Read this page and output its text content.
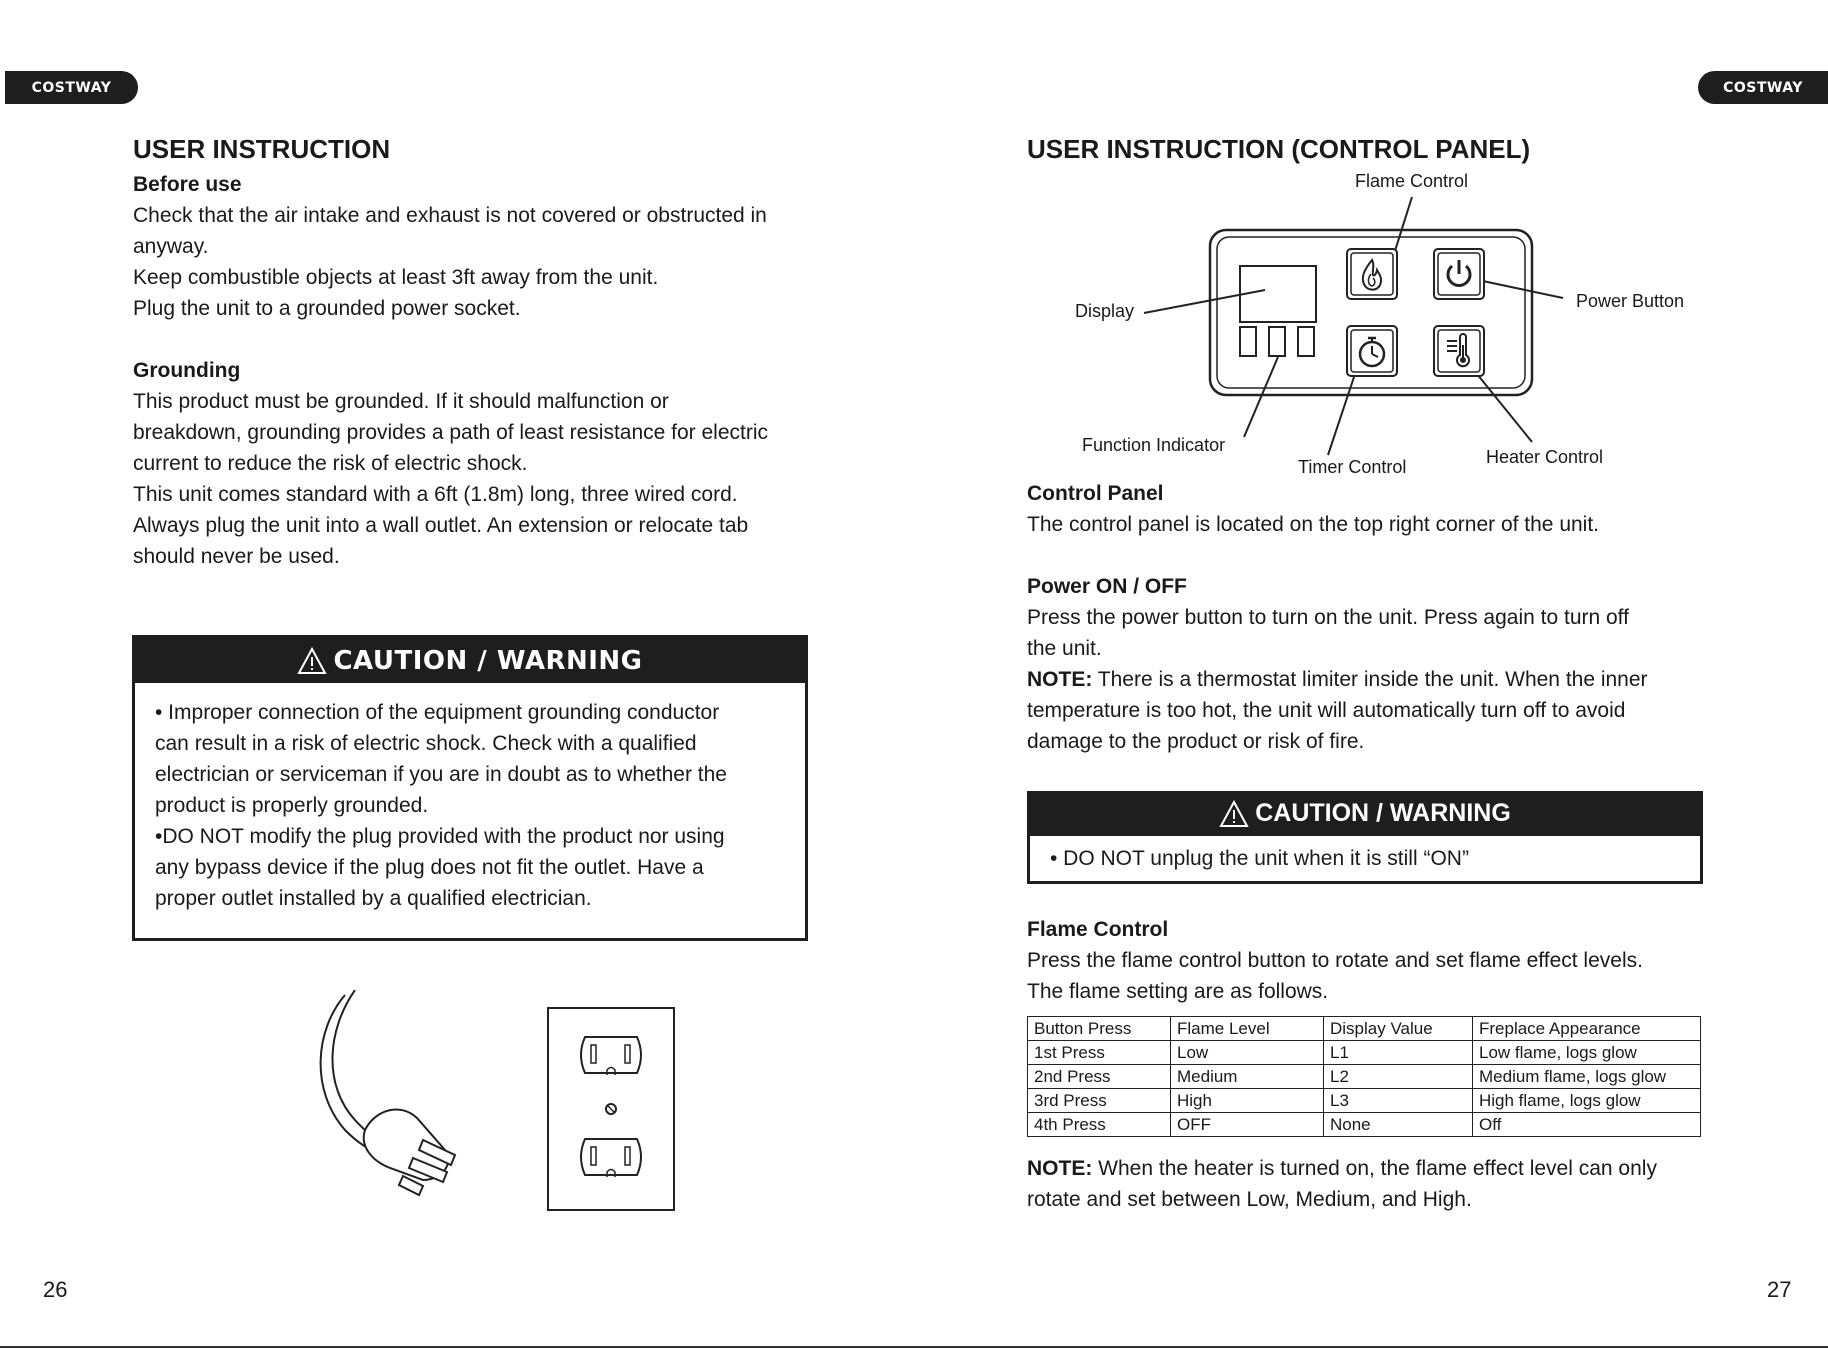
COSTWAY	COSTWAY
26	27
USER INSTRUCTION
Before use

Check that the air intake and exhaust is not covered or obstructed in

anyway.

Keep combustible objects at least 3ft away from the unit.

Plug the unit to a grounded power socket.

Grounding

This product must be grounded. If it should malfunction or

breakdown, grounding provides a path of least resistance for electric

current to reduce the risk of electric shock.

This unit comes standard with a 6ft (1.8m) long, three wired cord.

Always plug the unit into a wall outlet. An extension or relocate tab

should never be used.

CAUTION / WARNING

• Improper connection of the equipment grounding conductor

can result in a risk of electric shock. Check with a qualified

electrician or serviceman if you are in doubt as to whether the

product is properly grounded.

•DO NOT modify the plug provided with the product nor using

any bypass device if the plug does not fit the outlet. Have a

proper outlet installed by a qualified electrician.

USER INSTRUCTION (CONTROL PANEL)
Flame Control
Display	Power Button
Function Indicator
Timer Control	Heater Control
Control Panel

The control panel is located on the top right corner of the unit.

Power ON / OFF

Press the power button to turn on the unit. Press again to turn off

the unit.

NOTE: There is a thermostat limiter inside the unit. When the inner

temperature is too hot, the unit will automatically turn off to avoid

damage to the product or risk of fire.

CAUTION / WARNING
• DO NOT unplug the unit when it is still “ON”
Flame Control

Press the flame control button to rotate and set flame effect levels.

The flame setting are as follows.

Button Press	Flame Level	Display Value	Freplace Appearance
1st Press	Low	L1	Low flame, logs glow
2nd Press	Medium	L2	Medium flame, logs glow
3rd Press	High	L3	High flame, logs glow
4th Press	OFF	None	Off

NOTE: When the heater is turned on, the flame effect level can only

rotate and set between Low, Medium, and High.
